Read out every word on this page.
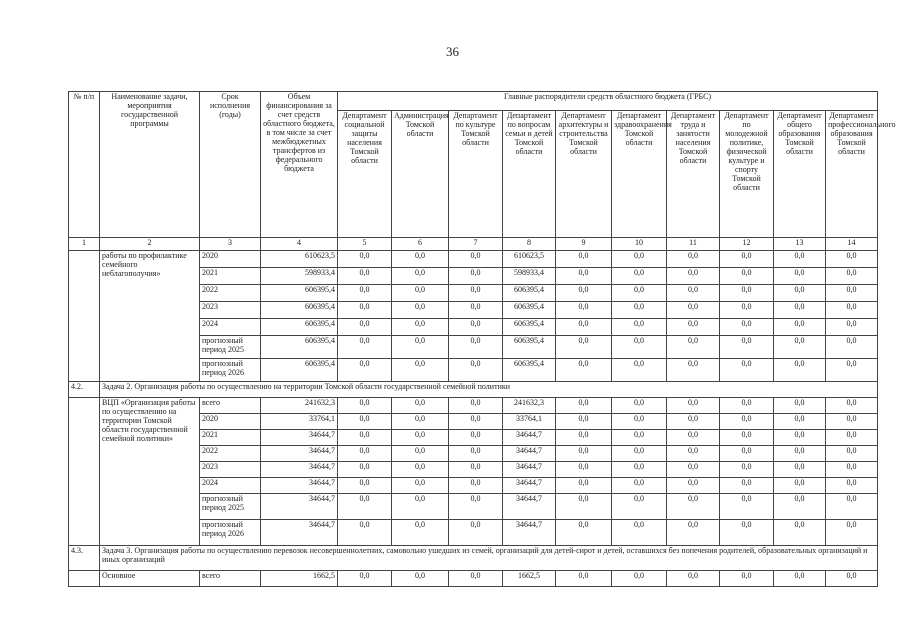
36
№ п/п	Наименование задачи, мероприятия государственной программы	Срок исполнения (годы)	Объем финансирования за счет средств областного бюджета, в том числе за счет межбюджетных трансфертов из федерального бюджета	Главные распорядители средств областного бюджета (ГРБС)									
				Департамент социальной защиты населения Томской области	Администрация Томской области	Департамент по культуре Томской области	Департамент по вопросам семьи и детей Томской области	Департамент архитектуры и строительства Томской области	Департамент здравоохранения Томской области	Департамент труда и занятости населения Томской области	Департамент по молодежной политике, физической культуре и спорту Томской области	Департамент общего образования Томской области	Департамент профессионального образования Томской области
1	2	3	4	5	6	7	8	9	10	11	12	13	14
	работы по профилактике семейного неблагополучия»	2020	610623,5	0,0	0,0	0,0	610623,5	0,0	0,0	0,0	0,0	0,0	0,0
		2021	598933,4	0,0	0,0	0,0	598933,4	0,0	0,0	0,0	0,0	0,0	0,0
		2022	606395,4	0,0	0,0	0,0	606395,4	0,0	0,0	0,0	0,0	0,0	0,0
		2023	606395,4	0,0	0,0	0,0	606395,4	0,0	0,0	0,0	0,0	0,0	0,0
		2024	606395,4	0,0	0,0	0,0	606395,4	0,0	0,0	0,0	0,0	0,0	0,0
		прогнозный период 2025	606395,4	0,0	0,0	0,0	606395,4	0,0	0,0	0,0	0,0	0,0	0,0
		прогнозный период 2026	606395,4	0,0	0,0	0,0	606395,4	0,0	0,0	0,0	0,0	0,0	0,0
4.2.	Задача 2. Организация работы по осуществлению на территории Томской области государственной семейной политики												
	ВЦП «Организация работы по осуществлению на территории Томской области государственной семейной политики»	всего	241632,3	0,0	0,0	0,0	241632,3	0,0	0,0	0,0	0,0	0,0	0,0
		2020	33764,1	0,0	0,0	0,0	33764,1	0,0	0,0	0,0	0,0	0,0	0,0
		2021	34644,7	0,0	0,0	0,0	34644,7	0,0	0,0	0,0	0,0	0,0	0,0
		2022	34644,7	0,0	0,0	0,0	34644,7	0,0	0,0	0,0	0,0	0,0	0,0
		2023	34644,7	0,0	0,0	0,0	34644,7	0,0	0,0	0,0	0,0	0,0	0,0
		2024	34644,7	0,0	0,0	0,0	34644,7	0,0	0,0	0,0	0,0	0,0	0,0
		прогнозный период 2025	34644,7	0,0	0,0	0,0	34644,7	0,0	0,0	0,0	0,0	0,0	0,0
		прогнозный период 2026	34644,7	0,0	0,0	0,0	34644,7	0,0	0,0	0,0	0,0	0,0	0,0
4.3.	Задача 3. Организация работы по осуществлению перевозок несовершеннолетних, самовольно ушедших из семей, организаций для детей-сирот и детей, оставшихся без попечения родителей, образовательных организаций и иных организаций												
	Основное	всего	1662,5	0,0	0,0	0,0	1662,5	0,0	0,0	0,0	0,0	0,0	0,0
